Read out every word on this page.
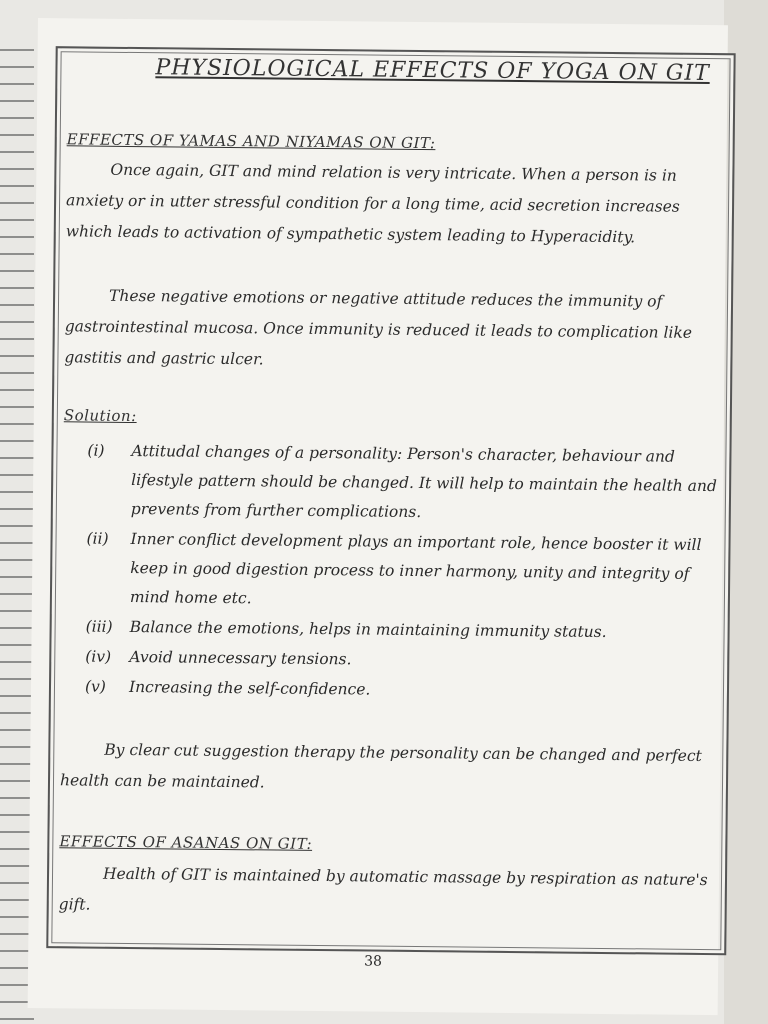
PHYSIOLOGICAL EFFECTS OF YOGA ON GIT
EFFECTS OF YAMAS AND NIYAMAS ON GIT:
Once again, GIT and mind relation is very intricate. When a person is in anxiety or in utter stressful condition for a long time, acid secretion increases which leads to activation of sympathetic system leading to Hyperacidity.
These negative emotions or negative attitude reduces the immunity of gastrointestinal mucosa. Once immunity is reduced it leads to complication like gastitis and gastric ulcer.
Solution:
(i)	Attitudal changes of a personality: Person's character, behaviour and lifestyle pattern should be changed. It will help to maintain the health and prevents from further complications.
(ii)	Inner conflict development plays an important role, hence booster it will keep in good digestion process to inner harmony, unity and integrity of mind home etc.
(iii)	Balance the emotions, helps in maintaining immunity status.
(iv)	Avoid unnecessary tensions.
(v)	Increasing the self-confidence.
By clear cut suggestion therapy the personality can be changed and perfect health can be maintained.
EFFECTS OF ASANAS ON GIT:
Health of GIT is maintained by automatic massage by respiration as nature's gift.
38
